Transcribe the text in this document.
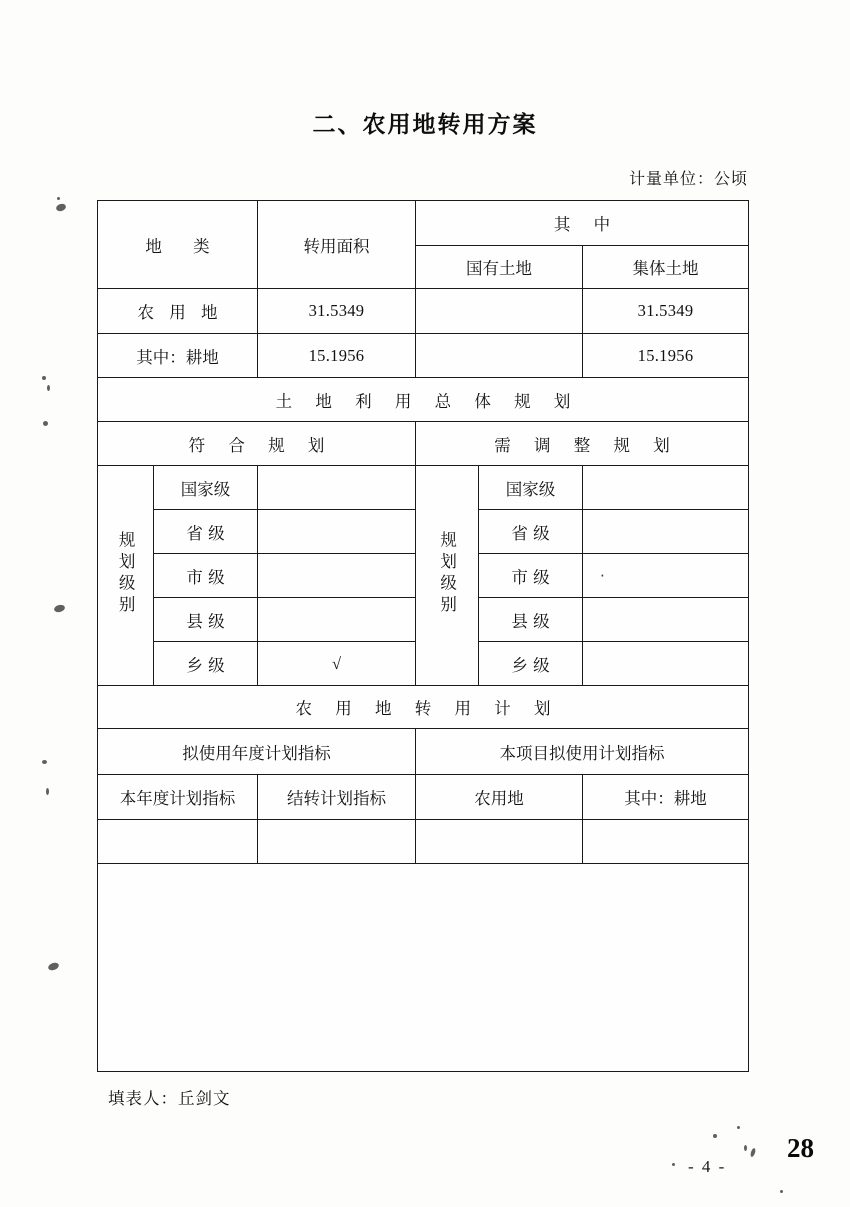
二、农用地转用方案
计量单位：公顷
地 类		转用面积	其 中		
			国有土地		集体土地
农 用 地		31.5349			31.5349
其中：耕地		15.1956			15.1956
土 地 利 用 总 体 规 划					
符 合 规 划			需 调 整 规 划		
规划级别	国家级		规划级别	国家级	
	省 级			省 级	
	市 级			市 级	·
	县 级			县 级	
	乡 级	√		乡 级	
农 用 地 转 用 计 划					
拟使用年度计划指标			本项目拟使用计划指标		
本年度计划指标		结转计划指标	农用地		其中：耕地

填表人：丘剑文
- 4 -
28
